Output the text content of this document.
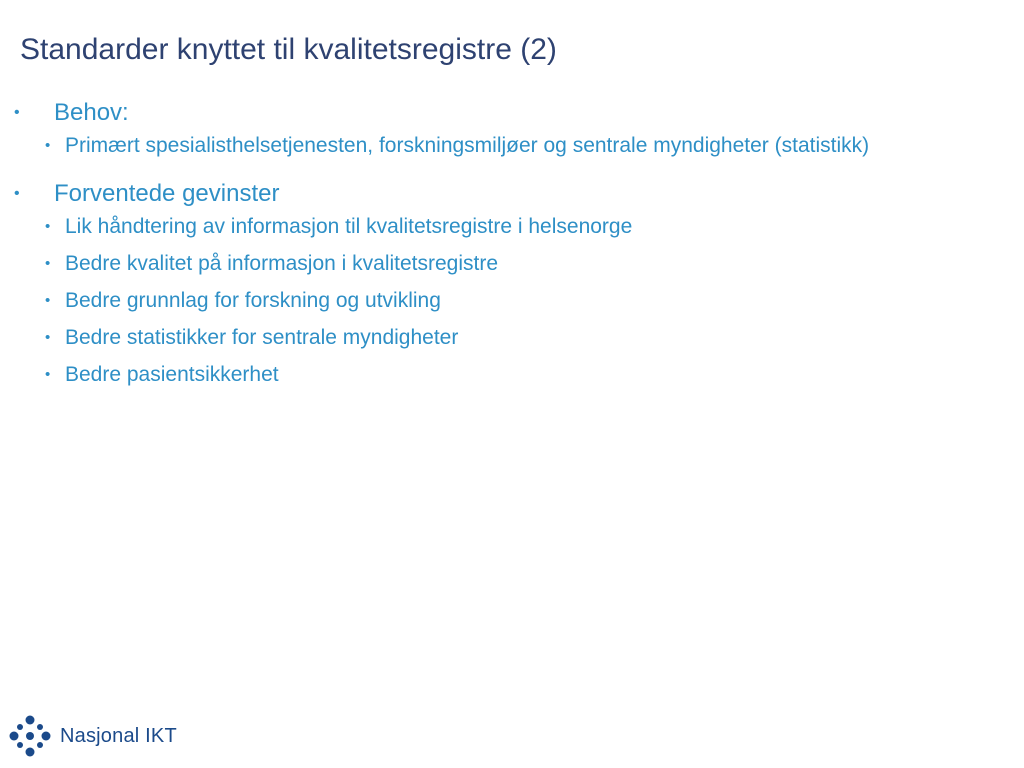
Standarder knyttet til kvalitetsregistre (2)
• Behov:
• Primært spesialisthelsetjenesten, forskningsmiljøer og sentrale myndigheter (statistikk)
• Forventede gevinster
• Lik håndtering av informasjon til kvalitetsregistre i helsenorge
• Bedre kvalitet på informasjon i kvalitetsregistre
• Bedre grunnlag for forskning og utvikling
• Bedre statistikker for sentrale myndigheter
• Bedre pasientsikkerhet
Nasjonal IKT
